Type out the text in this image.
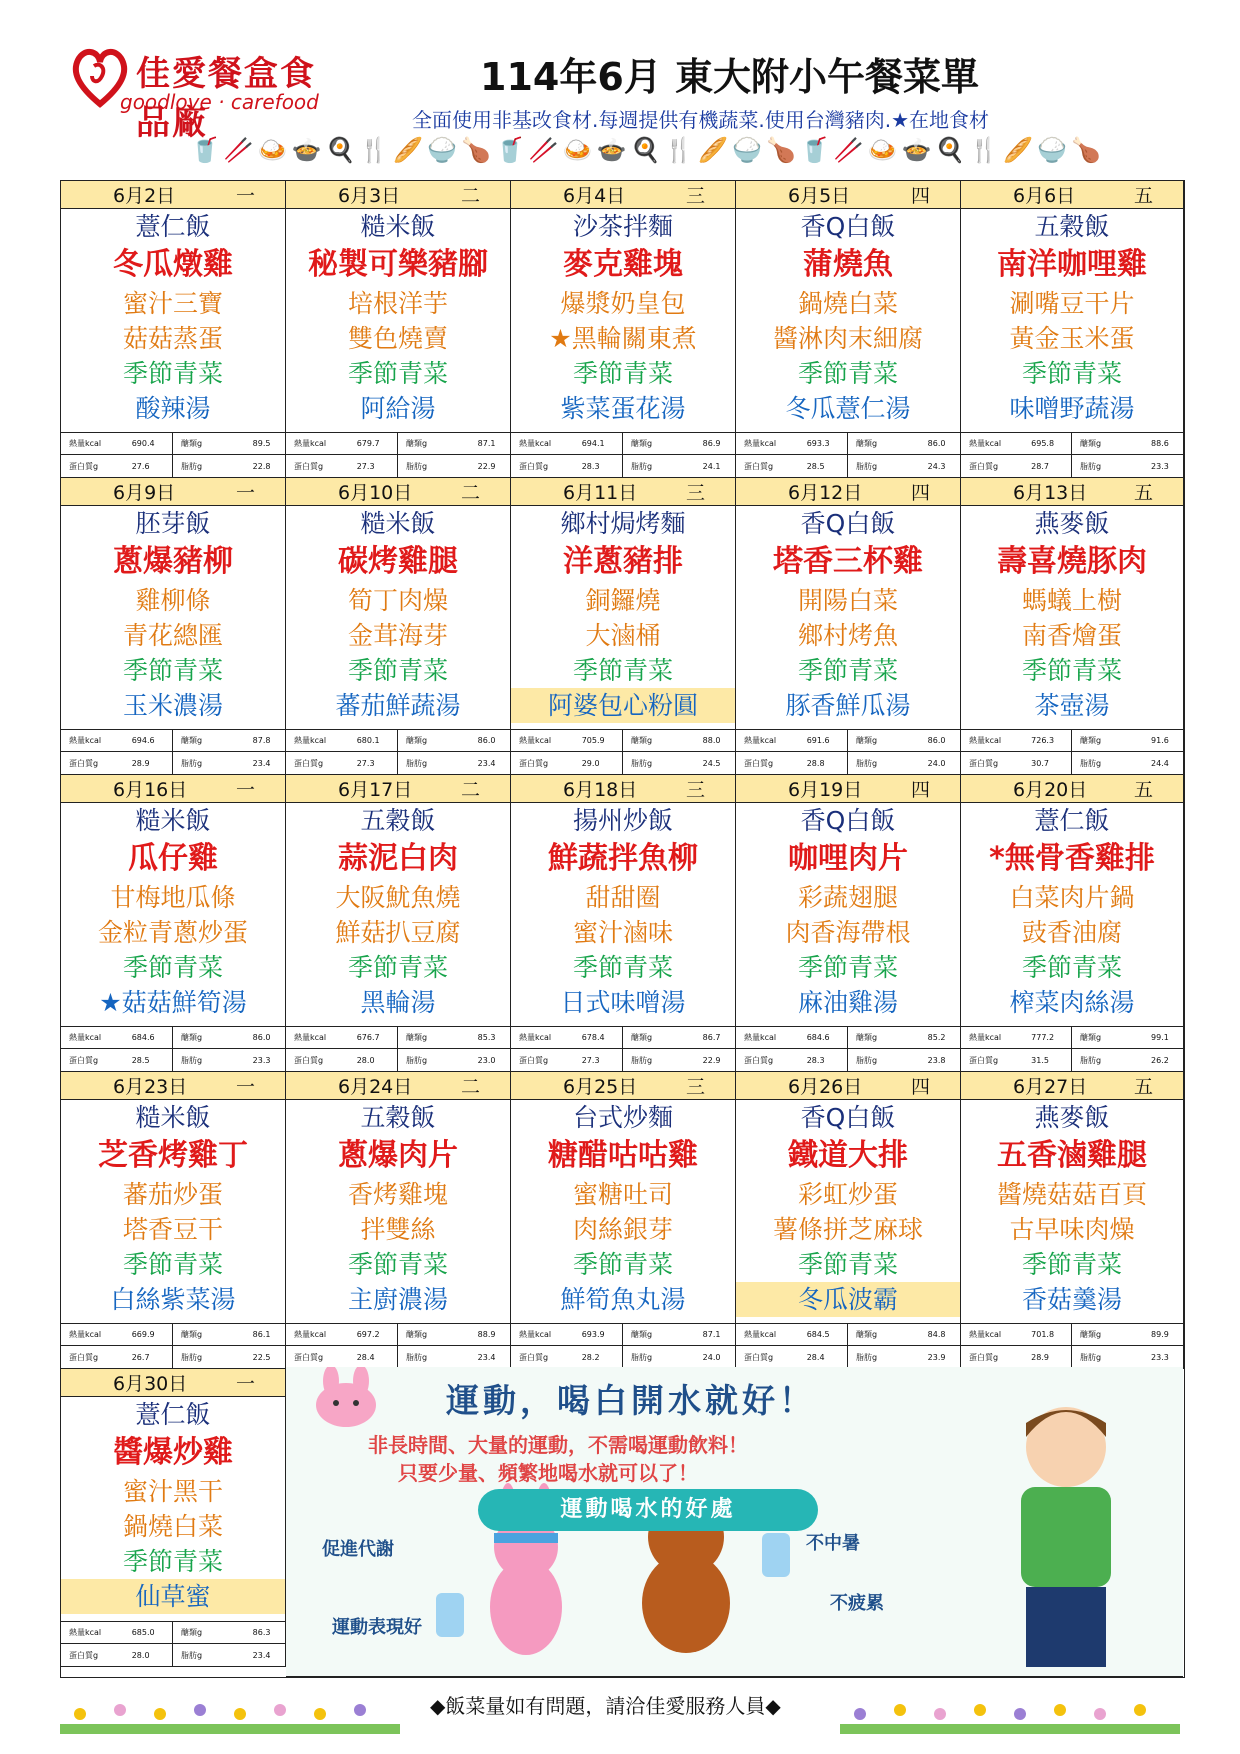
佳愛餐盒食品廠
goodlove · carefood
114年6月 東大附小午餐菜單
全面使用非基改食材.每週提供有機蔬菜.使用台灣豬肉.★在地食材
🥤🥢🍛🍲🍳🍴🥖🍚🍗🥤🥢🍛🍲🍳🍴🥖🍚🍗🥤🥢🍛🍲🍳🍴🥖🍚🍗
6月2日	一
薏仁飯
冬瓜燉雞
蜜汁三寶
菇菇蒸蛋
季節青菜
酸辣湯
熱量kcal	690.4	醣類g	89.5
蛋白質g	27.6	脂肪g	22.8
6月3日	二
糙米飯
秘製可樂豬腳
培根洋芋
雙色燒賣
季節青菜
阿給湯
熱量kcal	679.7	醣類g	87.1
蛋白質g	27.3	脂肪g	22.9
6月4日	三
沙茶拌麵
麥克雞塊
爆漿奶皇包
★黑輪關東煮
季節青菜
紫菜蛋花湯
熱量kcal	694.1	醣類g	86.9
蛋白質g	28.3	脂肪g	24.1
6月5日	四
香Q白飯
蒲燒魚
鍋燒白菜
醬淋肉末細腐
季節青菜
冬瓜薏仁湯
熱量kcal	693.3	醣類g	86.0
蛋白質g	28.5	脂肪g	24.3
6月6日	五
五穀飯
南洋咖哩雞
涮嘴豆干片
黃金玉米蛋
季節青菜
味噌野蔬湯
熱量kcal	695.8	醣類g	88.6
蛋白質g	28.7	脂肪g	23.3
6月9日	一
胚芽飯
蔥爆豬柳
雞柳條
青花總匯
季節青菜
玉米濃湯
熱量kcal	694.6	醣類g	87.8
蛋白質g	28.9	脂肪g	23.4
6月10日	二
糙米飯
碳烤雞腿
筍丁肉燥
金茸海芽
季節青菜
蕃茄鮮蔬湯
熱量kcal	680.1	醣類g	86.0
蛋白質g	27.3	脂肪g	23.4
6月11日	三
鄉村焗烤麵
洋蔥豬排
銅鑼燒
大滷桶
季節青菜
阿婆包心粉圓
熱量kcal	705.9	醣類g	88.0
蛋白質g	29.0	脂肪g	24.5
6月12日	四
香Q白飯
塔香三杯雞
開陽白菜
鄉村烤魚
季節青菜
豚香鮮瓜湯
熱量kcal	691.6	醣類g	86.0
蛋白質g	28.8	脂肪g	24.0
6月13日 五
燕麥飯
壽喜燒豚肉
螞蟻上樹
南香燴蛋
季節青菜
茶壺湯
熱量kcal	726.3	醣類g	91.6
蛋白質g	30.7	脂肪g	24.4
6月16日	一
糙米飯
瓜仔雞
甘梅地瓜條
金粒青蔥炒蛋
季節青菜
★菇菇鮮筍湯
熱量kcal	684.6	醣類g	86.0
蛋白質g	28.5	脂肪g	23.3
6月17日	二
五穀飯
蒜泥白肉
大阪魷魚燒
鮮菇扒豆腐
季節青菜
黑輪湯
熱量kcal	676.7	醣類g	85.3
蛋白質g	28.0	脂肪g	23.0
6月18日	三
揚州炒飯
鮮蔬拌魚柳
甜甜圈
蜜汁滷味
季節青菜
日式味噌湯
熱量kcal	678.4	醣類g	86.7
蛋白質g	27.3	脂肪g	22.9
6月19日	四
香Q白飯
咖哩肉片
彩蔬翅腿
肉香海帶根
季節青菜
麻油雞湯
熱量kcal	684.6	醣類g	85.2
蛋白質g	28.3	脂肪g	23.8
6月20日 五
薏仁飯
*無骨香雞排
白菜肉片鍋
豉香油腐
季節青菜
榨菜肉絲湯
熱量kcal	777.2	醣類g	99.1
蛋白質g	31.5	脂肪g	26.2
6月23日	一
糙米飯
芝香烤雞丁
蕃茄炒蛋
塔香豆干
季節青菜
白絲紫菜湯
熱量kcal	669.9	醣類g	86.1
蛋白質g	26.7	脂肪g	22.5
6月24日	二
五穀飯
蔥爆肉片
香烤雞塊
拌雙絲
季節青菜
主廚濃湯
熱量kcal	697.2	醣類g	88.9
蛋白質g	28.4	脂肪g	23.4
6月25日	三
台式炒麵
糖醋咕咕雞
蜜糖吐司
肉絲銀芽
季節青菜
鮮筍魚丸湯
熱量kcal	693.9	醣類g	87.1
蛋白質g	28.2	脂肪g	24.0
6月26日	四
香Q白飯
鐵道大排
彩虹炒蛋
薯條拼芝麻球
季節青菜
冬瓜波霸
熱量kcal	684.5	醣類g	84.8
蛋白質g	28.4	脂肪g	23.9
6月27日 五
燕麥飯
五香滷雞腿
醬燒菇菇百頁
古早味肉燥
季節青菜
香菇羹湯
熱量kcal	701.8	醣類g	89.9
蛋白質g	28.9	脂肪g	23.3
6月30日	一
薏仁飯
醬爆炒雞
蜜汁黑干
鍋燒白菜
季節青菜
仙草蜜
熱量kcal	685.0	醣類g	86.3
蛋白質g	28.0	脂肪g	23.4
運動，喝白開水就好！
非長時間、大量的運動，不需喝運動飲料！
只要少量、頻繁地喝水就可以了！
運動喝水的好處
促進代謝
運動表現好
不中暑
不疲累
◆飯菜量如有問題，請洽佳愛服務人員◆
